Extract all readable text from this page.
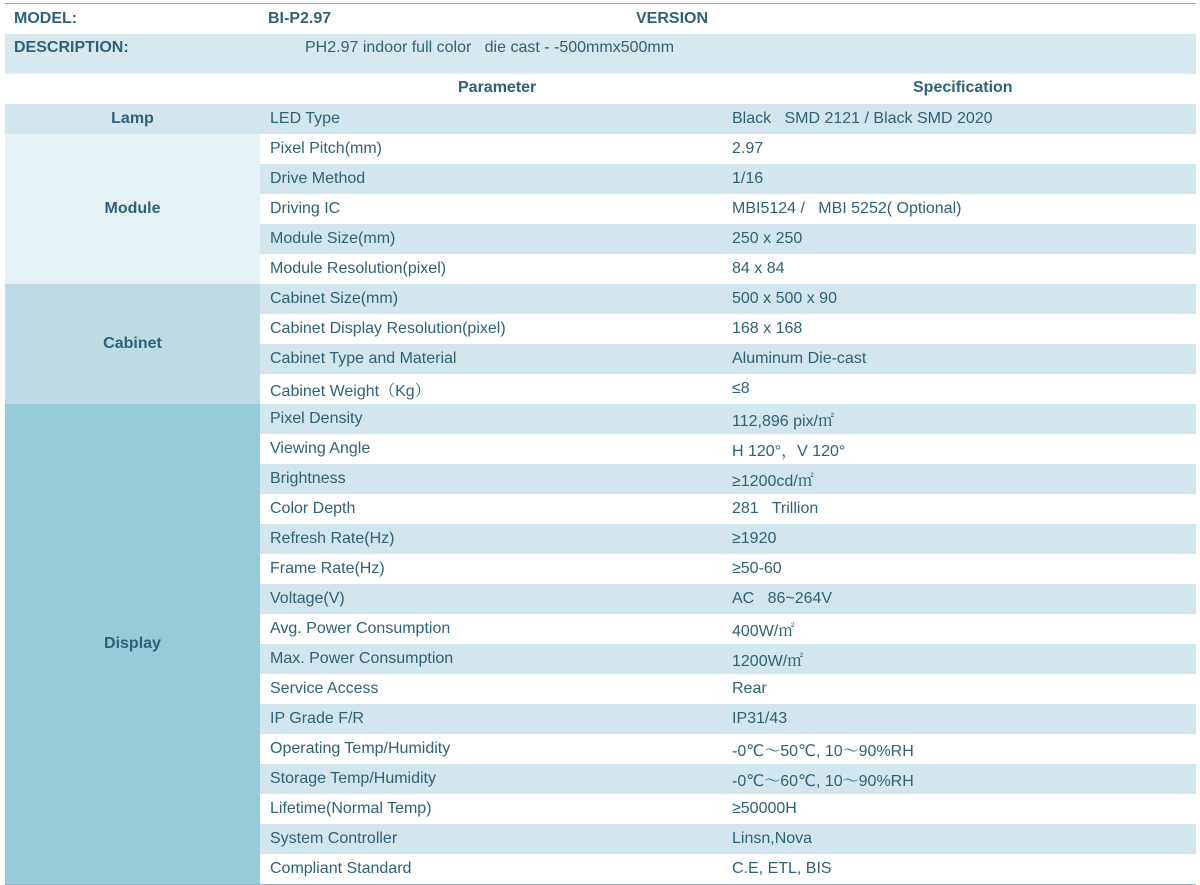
MODEL:	BI-P2.97	VERSION
DESCRIPTION:	PH2.97 indoor full color   die cast - -500mmx500mm
Parameter	Specification
Lamp	LED Type	Black   SMD 2121 / Black SMD 2020
Module	Pixel Pitch(mm)	2.97
	Drive Method	1/16
	Driving IC	MBI5124 /   MBI 5252( Optional)
	Module Size(mm)	250 x 250
	Module Resolution(pixel)	84 x 84
Cabinet	Cabinet Size(mm)	500 x 500 x 90
	Cabinet Display Resolution(pixel)	168 x 168
	Cabinet Type and Material	Aluminum Die-cast
	Cabinet Weight（Kg）	≤8
Display	Pixel Density	112,896 pix/㎡
	Viewing Angle	H 120°，V 120°
	Brightness	≥1200cd/㎡
	Color Depth	281   Trillion
	Refresh Rate(Hz)	≥1920
	Frame Rate(Hz)	≥50-60
	Voltage(V)	AC   86~264V
	Avg. Power Consumption	400W/㎡
	Max. Power Consumption	1200W/㎡
	Service Access	Rear
	IP Grade F/R	IP31/43
	Operating Temp/Humidity	-0℃～50℃, 10～90%RH
	Storage Temp/Humidity	-0℃～60℃, 10～90%RH
	Lifetime(Normal Temp)	≥50000H
	System Controller	Linsn,Nova
	Compliant Standard	C.E, ETL, BIS
